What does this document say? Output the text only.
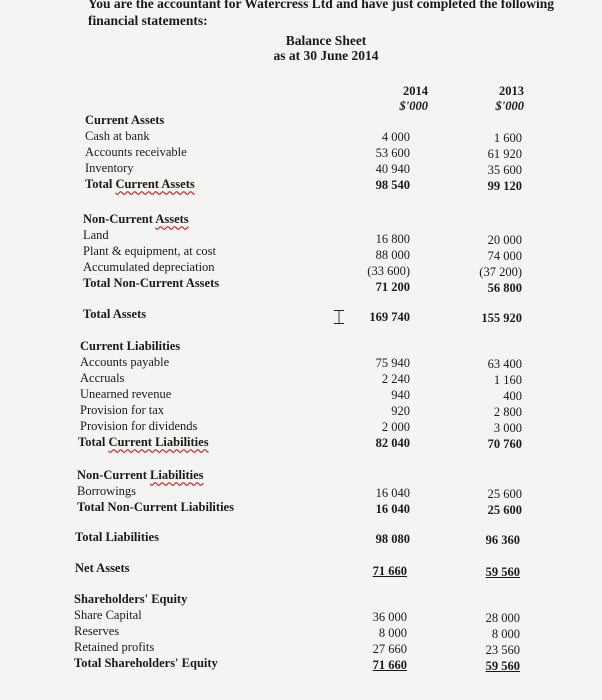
You are the accountant for Watercress Ltd and have just completed the following financial statements:
Balance Sheet
as at 30 June 2014
2014
$'000
2013
$'000
Current Assets
Cash at bank	4 000	1 600
Accounts receivable	53 600	61 920
Inventory	40 940	35 600
Total Current Assets	98 540	99 120
Non-Current Assets
Land	16 800	20 000
Plant & equipment, at cost	88 000	74 000
Accumulated depreciation	(33 600)	(37 200)
Total Non-Current Assets	71 200	56 800
Total Assets	169 740	155 920
Current Liabilities
Accounts payable	75 940	63 400
Accruals	2 240	1 160
Unearned revenue	940	400
Provision for tax	920	2 800
Provision for dividends	2 000	3 000
Total Current Liabilities	82 040	70 760
Non-Current Liabilities
Borrowings	16 040	25 600
Total Non-Current Liabilities	16 040	25 600
Total Liabilities	98 080	96 360
Net Assets	71 660	59 560
Shareholders' Equity
Share Capital	36 000	28 000
Reserves	8 000	8 000
Retained profits	27 660	23 560
Total Shareholders' Equity	71 660	59 560
⌶
